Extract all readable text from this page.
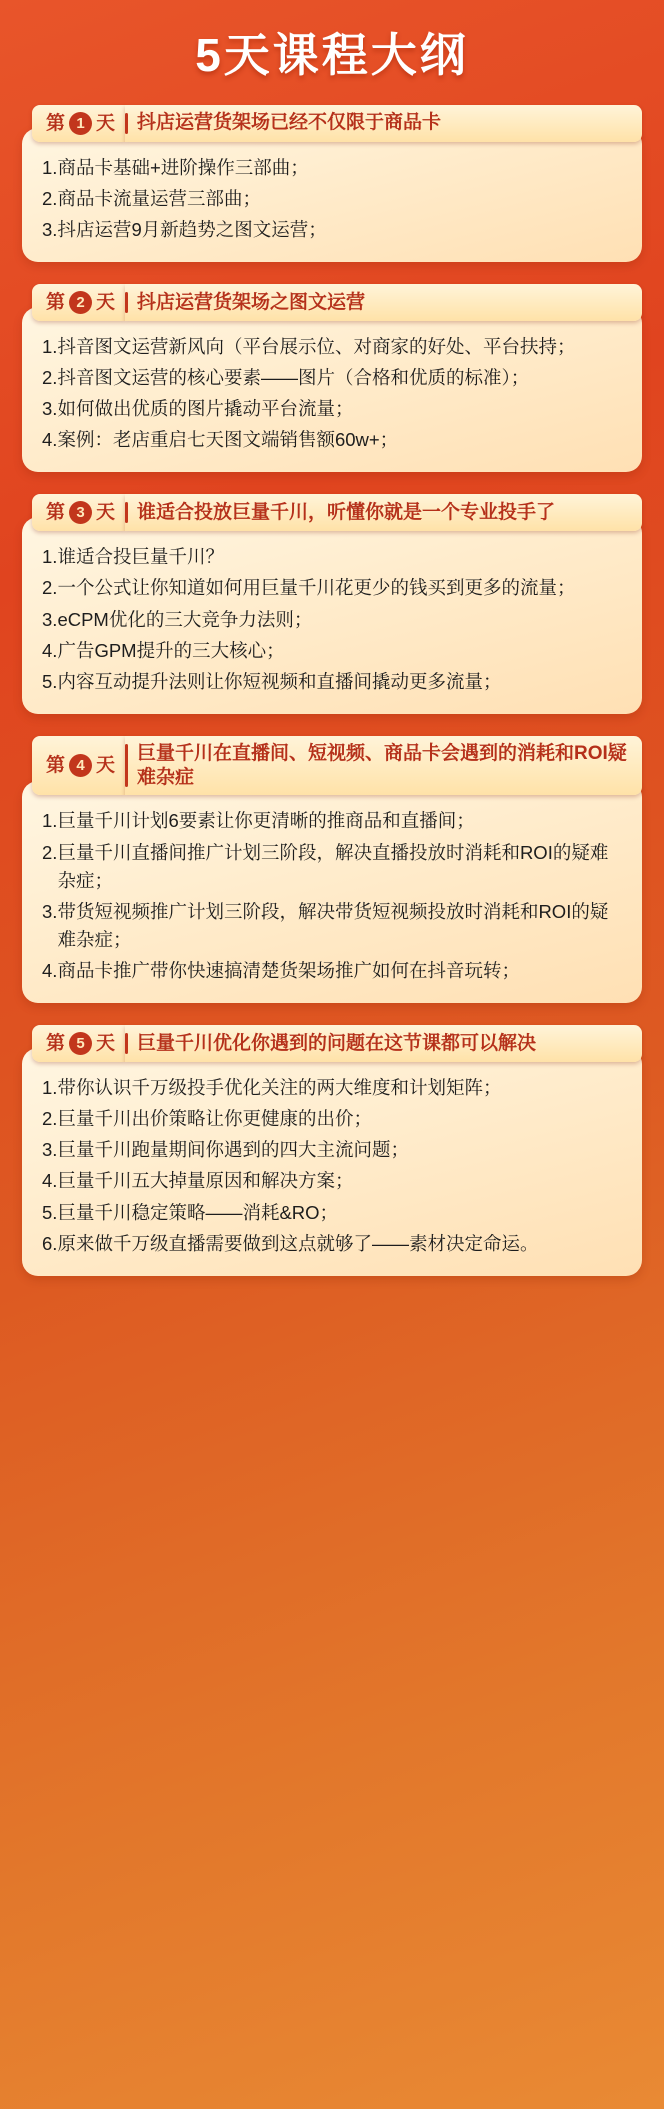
5天课程大纲
第 1 天 抖店运营货架场已经不仅限于商品卡
1. 商品卡基础+进阶操作三部曲；
2. 商品卡流量运营三部曲；
3. 抖店运营9月新趋势之图文运营；
第 2 天 抖店运营货架场之图文运营
1. 抖音图文运营新风向（平台展示位、对商家的好处、平台扶持；
2. 抖音图文运营的核心要素——图片（合格和优质的标准）；
3. 如何做出优质的图片撬动平台流量；
4. 案例：老店重启七天图文端销售额60w+；
第 3 天 谁适合投放巨量千川，听懂你就是一个专业投手了
1. 谁适合投巨量千川？
2. 一个公式让你知道如何用巨量千川花更少的钱买到更多的流量；
3. eCPM优化的三大竞争力法则；
4. 广告GPM提升的三大核心；
5. 内容互动提升法则让你短视频和直播间撬动更多流量；
第 4 天
巨量千川在直播间、短视频、商品卡会遇到的消耗和ROI疑难杂症
1. 巨量千川计划6要素让你更清晰的推商品和直播间；
2. 巨量千川直播间推广计划三阶段，解决直播投放时消耗和ROI的疑难杂症；
3. 带货短视频推广计划三阶段，解决带货短视频投放时消耗和ROI的疑难杂症；
4. 商品卡推广带你快速搞清楚货架场推广如何在抖音玩转；
第 5 天 巨量千川优化你遇到的问题在这节课都可以解决
1. 带你认识千万级投手优化关注的两大维度和计划矩阵；
2. 巨量千川出价策略让你更健康的出价；
3. 巨量千川跑量期间你遇到的四大主流问题；
4. 巨量千川五大掉量原因和解决方案；
5. 巨量千川稳定策略——消耗&RO；
6. 原来做千万级直播需要做到这点就够了——素材决定命运。
